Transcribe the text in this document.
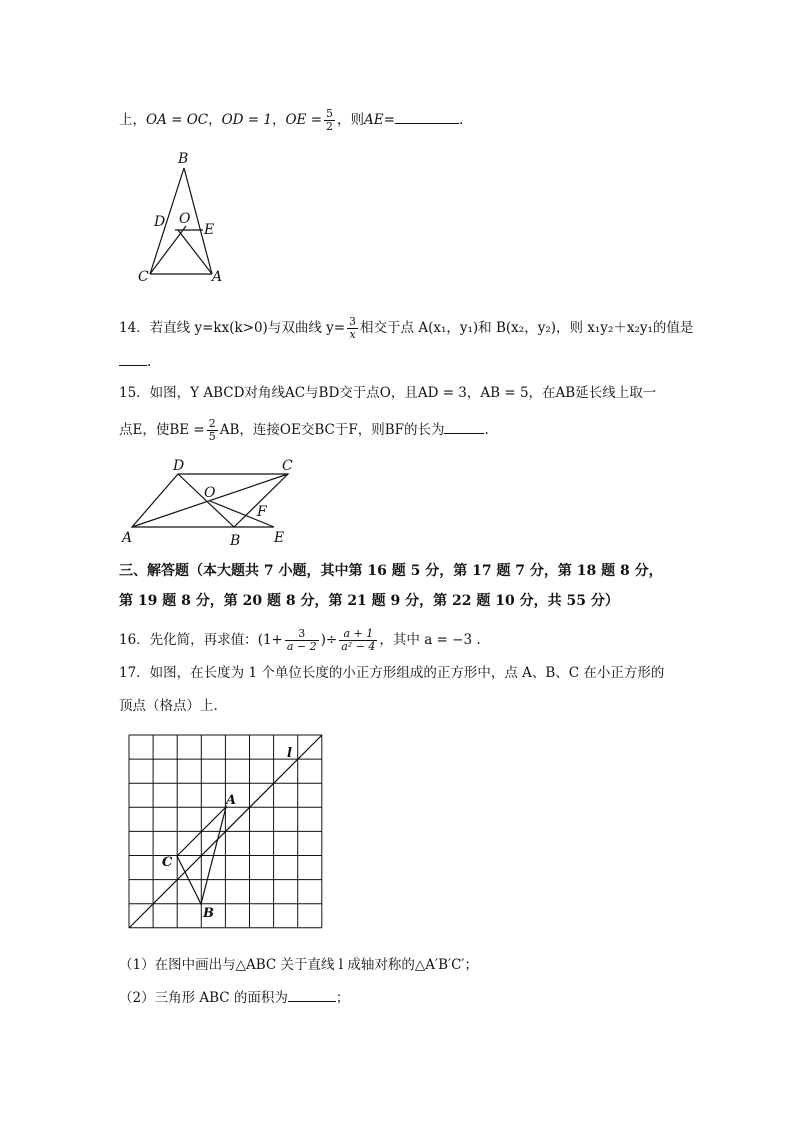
上，OA = OC，OD = 1，OE = $\frac{5}{2}$ ，则AE=	.
B
D O
E
C	A
14．若直线 y=kx(k>0)与双曲线 $y= \frac{3}{x}$ 相交于点 A(x₁，y₁)和 B(x₂，y₂)，则 x₁y₂＋x₂y₁的值是
.
15．如图，Y ABCD对角线AC与BD交于点O，且AD = 3，AB = 5，在AB延长线上取一
点E，使BE = $\frac{2}{5}$ AB，连接OE交BC于F，则BF的长为	.
D	C
O
F
A	B E
三、解答题（本大题共 7 小题，其中第 16 题 5 分，第 17 题 7 分，第 18 题 8 分，
第 19 题 8 分，第 20 题 8 分，第 21 题 9 分，第 22 题 10 分，共 55 分）
16．先化简，再求值：($1+ \frac{3}{a - 2}$ )÷ $\frac{a + 1}{\text{a² − 4}}$ ，其中 a = −3 .
17．如图，在长度为 1 个单位长度的小正方形组成的正方形中，点 A、B、C 在小正方形的
顶点（格点）上.
l
A
C
B
（1）在图中画出与△ABC 关于直线 l 成轴对称的△A′B′C′；
（2）三角形 ABC 的面积为	；
